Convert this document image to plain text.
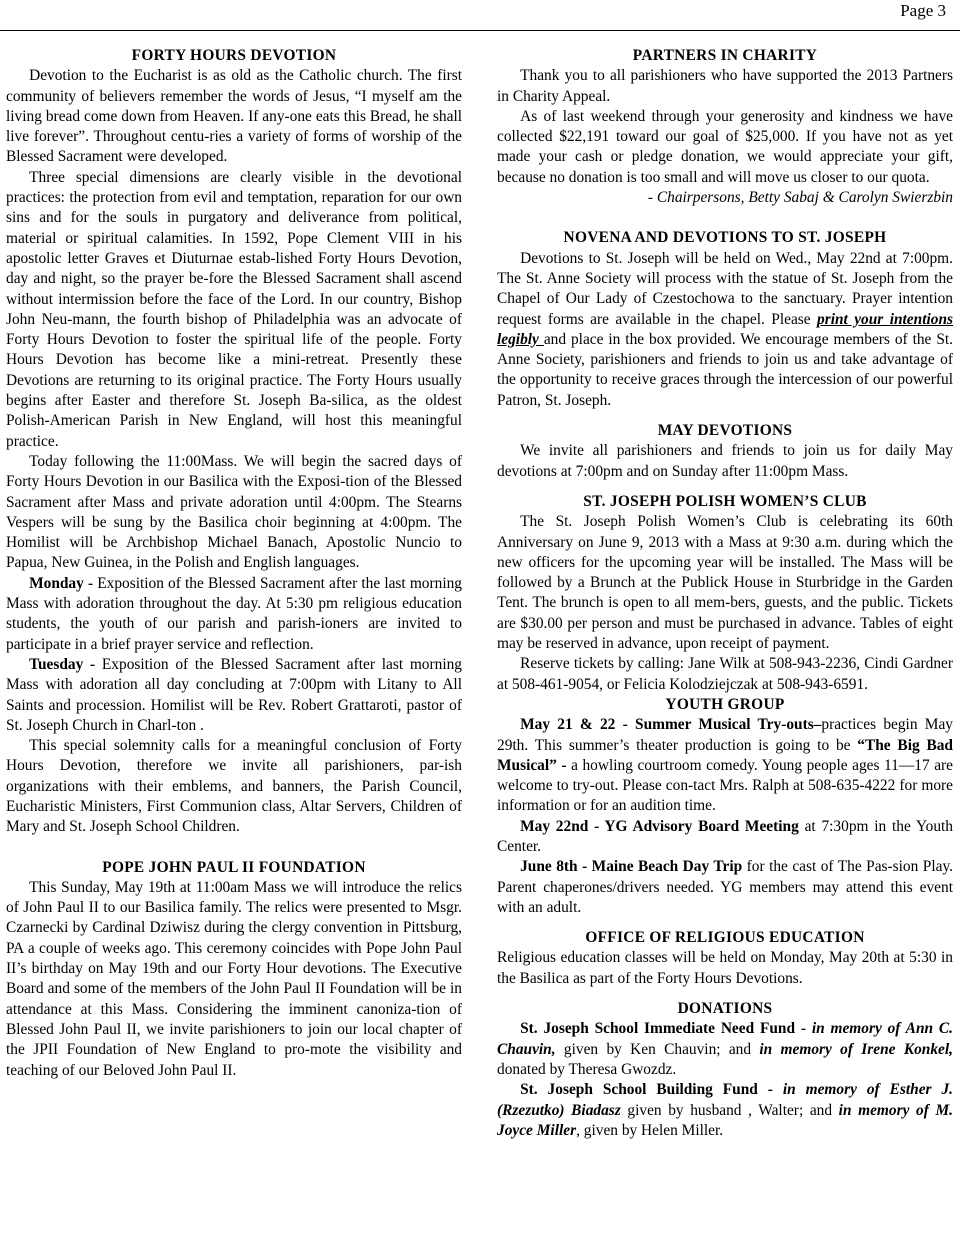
Page 3
FORTY HOURS DEVOTION

Devotion to the Eucharist is as old as the Catholic church. The first community of believers remember the words of Jesus, “I myself am the living bread come down from Heaven. If any-one eats this Bread, he shall live forever”. Throughout centu-ries a variety of forms of worship of the Blessed Sacrament were developed.

Three special dimensions are clearly visible in the devotional practices: the protection from evil and temptation, reparation for our own sins and for the souls in purgatory and deliverance from political, material or spiritual calamities. In 1592, Pope Clement VIII in his apostolic letter Graves et Diuturnae estab-lished Forty Hours Devotion, day and night, so the prayer be-fore the Blessed Sacrament shall ascend without intermission before the face of the Lord. In our country, Bishop John Neu-mann, the fourth bishop of Philadelphia was an advocate of Forty Hours Devotion to foster the spiritual life of the people. Forty Hours Devotion has become like a mini-retreat. Presently these Devotions are returning to its original practice. The Forty Hours usually begins after Easter and therefore St. Joseph Ba-silica, as the oldest Polish-American Parish in New England, will host this meaningful practice.

Today following the 11:00Mass. We will begin the sacred days of Forty Hours Devotion in our Basilica with the Exposi-tion of the Blessed Sacrament after Mass and private adoration until 4:00pm. The Stearns Vespers will be sung by the Basilica choir beginning at 4:00pm. The Homilist will be Archbishop Michael Banach, Apostolic Nuncio to Papua, New Guinea, in the Polish and English languages.

Monday - Exposition of the Blessed Sacrament after the last morning Mass with adoration throughout the day. At 5:30 pm religious education students, the youth of our parish and parish-ioners are invited to participate in a brief prayer service and reflection.

Tuesday - Exposition of the Blessed Sacrament after last morning Mass with adoration all day concluding at 7:00pm with Litany to All Saints and procession. Homilist will be Rev. Robert Grattaroti, pastor of St. Joseph Church in Charl-ton .

This special solemnity calls for a meaningful conclusion of Forty Hours Devotion, therefore we invite all parishioners, par-ish organizations with their emblems, and banners, the Parish Council, Eucharistic Ministers, First Communion class, Altar Servers, Children of Mary and St. Joseph School Children.

POPE JOHN PAUL II FOUNDATION

This Sunday, May 19th at 11:00am Mass we will introduce the relics of John Paul II to our Basilica family. The relics were presented to Msgr. Czarnecki by Cardinal Dziwisz during the clergy convention in Pittsburg, PA a couple of weeks ago. This ceremony coincides with Pope John Paul II’s birthday on May 19th and our Forty Hour devotions. The Executive Board and some of the members of the John Paul II Foundation will be in attendance at this Mass. Considering the imminent canoniza-tion of Blessed John Paul II, we invite parishioners to join our local chapter of the JPII Foundation of New England to pro-mote the visibility and teaching of our Beloved John Paul II.

PARTNERS IN CHARITY

Thank you to all parishioners who have supported the 2013 Partners in Charity Appeal.

As of last weekend through your generosity and kindness we have collected $22,191 toward our goal of $25,000. If you have not as yet made your cash or pledge donation, we would appreciate your gift, because no donation is too small and will move us closer to our quota.

- Chairpersons, Betty Sabaj & Carolyn Swierzbin

NOVENA AND DEVOTIONS TO ST. JOSEPH

Devotions to St. Joseph will be held on Wed., May 22nd at 7:00pm. The St. Anne Society will process with the statue of St. Joseph from the Chapel of Our Lady of Czestochowa to the sanctuary. Prayer intention request forms are available in the chapel. Please print your intentions legibly and place in the box provided. We encourage members of the St. Anne Society, parishioners and friends to join us and take advantage of the opportunity to receive graces through the intercession of our powerful Patron, St. Joseph.

MAY DEVOTIONS

We invite all parishioners and friends to join us for daily May devotions at 7:00pm and on Sunday after 11:00pm Mass.

ST. JOSEPH POLISH WOMEN’S CLUB

The St. Joseph Polish Women’s Club is celebrating its 60th Anniversary on June 9, 2013 with a Mass at 9:30 a.m. during which the new officers for the upcoming year will be installed. The Mass will be followed by a Brunch at the Publick House in Sturbridge in the Garden Tent. The brunch is open to all mem-bers, guests, and the public. Tickets are $30.00 per person and must be purchased in advance. Tables of eight may be reserved in advance, upon receipt of payment.

Reserve tickets by calling: Jane Wilk at 508-943-2236, Cindi Gardner at 508-461-9054, or Felicia Kolodziejczak at 508-943-6591.

YOUTH GROUP

May 21 & 22 - Summer Musical Try-outs–practices begin May 29th. This summer’s theater production is going to be “The Big Bad Musical” - a howling courtroom comedy. Young people ages 11—17 are welcome to try-out. Please con-tact Mrs. Ralph at 508-635-4222 for more information or for an audition time.

May 22nd - YG Advisory Board Meeting at 7:30pm in the Youth Center.

June 8th - Maine Beach Day Trip for the cast of The Pas-sion Play. Parent chaperones/drivers needed. YG members may attend this event with an adult.

OFFICE OF RELIGIOUS EDUCATION

Religious education classes will be held on Monday, May 20th at 5:30 in the Basilica as part of the Forty Hours Devotions.

DONATIONS

St. Joseph School Immediate Need Fund - in memory of Ann C. Chauvin, given by Ken Chauvin; and in memory of Irene Konkel, donated by Theresa Gwozdz.

St. Joseph School Building Fund - in memory of Esther J. (Rzezutko) Biadasz given by husband , Walter; and in memory of M. Joyce Miller, given by Helen Miller.
